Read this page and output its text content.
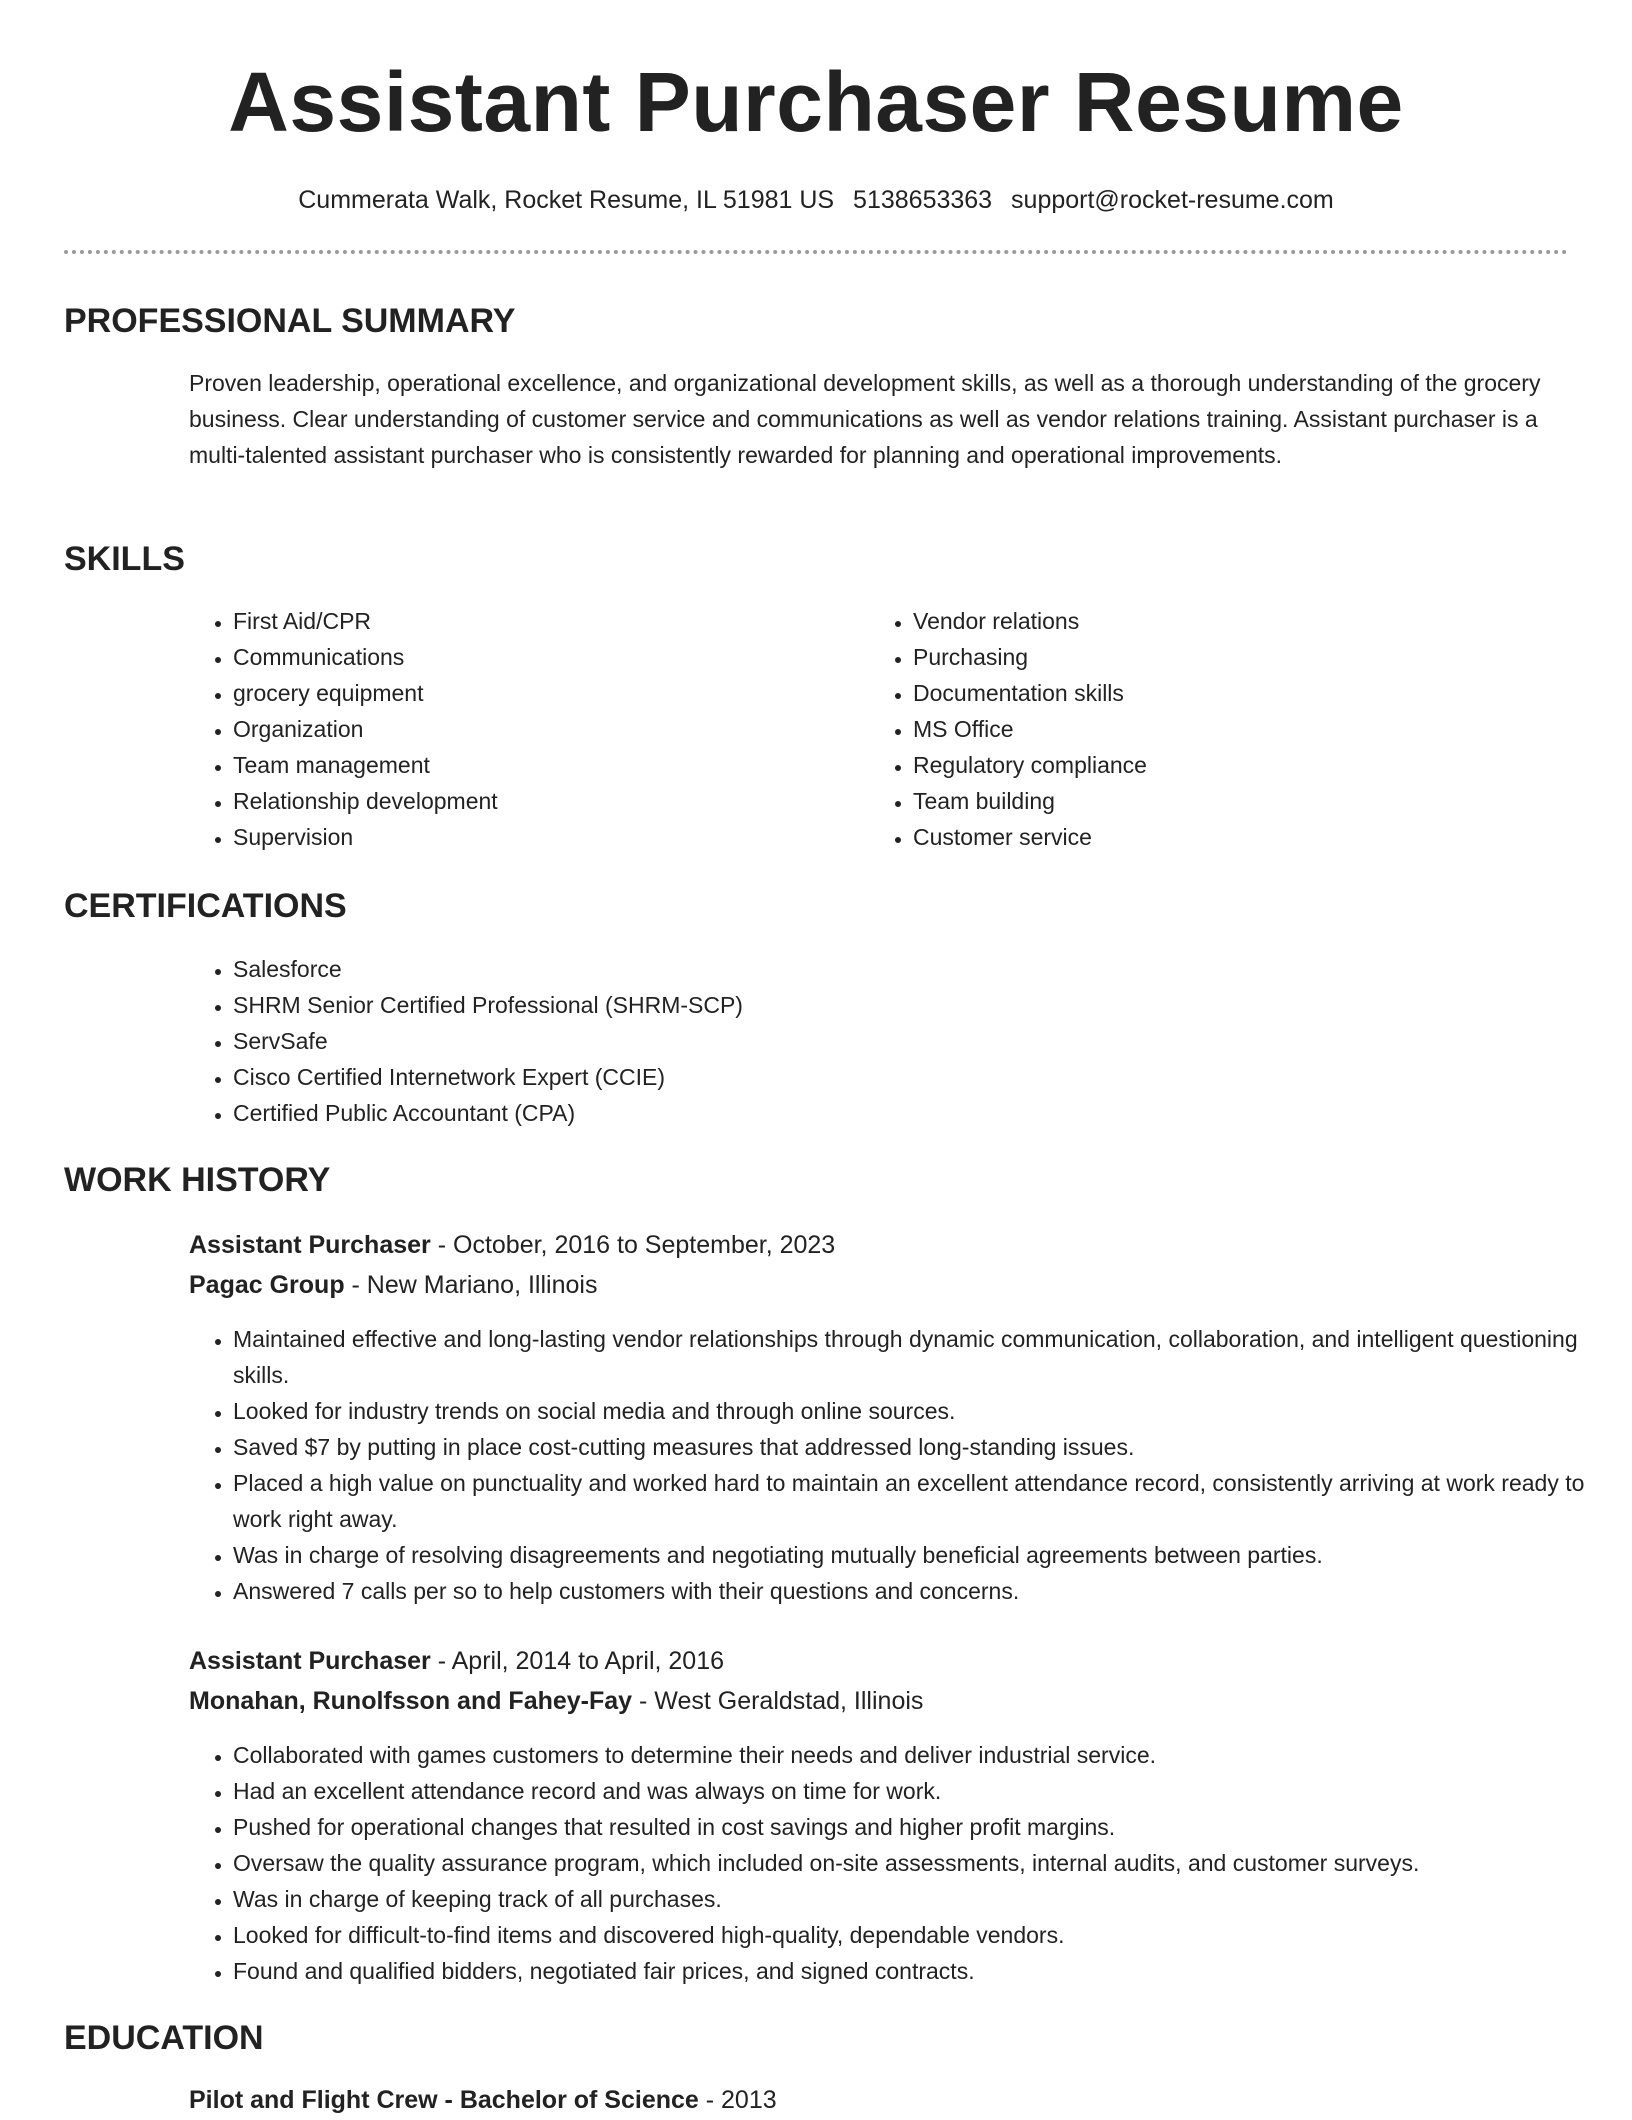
Assistant Purchaser Resume
Cummerata Walk, Rocket Resume, IL 51981 US 5138653363 support@rocket-resume.com
PROFESSIONAL SUMMARY

Proven leadership, operational excellence, and organizational development skills, as well as a thorough understanding of the grocery business. Clear understanding of customer service and communications as well as vendor relations training. Assistant purchaser is a multi-talented assistant purchaser who is consistently rewarded for planning and operational improvements.

SKILLS
• First Aid/CPR
• Communications
• grocery equipment
• Organization
• Team management
• Relationship development
• Supervision
• Vendor relations
• Purchasing
• Documentation skills
• MS Office
• Regulatory compliance
• Team building
• Customer service
CERTIFICATIONS
• Salesforce
• SHRM Senior Certified Professional (SHRM-SCP)
• ServSafe
• Cisco Certified Internetwork Expert (CCIE)
• Certified Public Accountant (CPA)
WORK HISTORY
Assistant Purchaser - October, 2016 to September, 2023
Pagac Group - New Mariano, Illinois
• Maintained effective and long-lasting vendor relationships through dynamic communication, collaboration, and intelligent questioning skills.
• Looked for industry trends on social media and through online sources.
• Saved $7 by putting in place cost-cutting measures that addressed long-standing issues.
• Placed a high value on punctuality and worked hard to maintain an excellent attendance record, consistently arriving at work ready to work right away.
• Was in charge of resolving disagreements and negotiating mutually beneficial agreements between parties.
• Answered 7 calls per so to help customers with their questions and concerns.
Assistant Purchaser - April, 2014 to April, 2016
Monahan, Runolfsson and Fahey-Fay - West Geraldstad, Illinois
• Collaborated with games customers to determine their needs and deliver industrial service.
• Had an excellent attendance record and was always on time for work.
• Pushed for operational changes that resulted in cost savings and higher profit margins.
• Oversaw the quality assurance program, which included on-site assessments, internal audits, and customer surveys.
• Was in charge of keeping track of all purchases.
• Looked for difficult-to-find items and discovered high-quality, dependable vendors.
• Found and qualified bidders, negotiated fair prices, and signed contracts.
EDUCATION
Pilot and Flight Crew - Bachelor of Science - 2013
